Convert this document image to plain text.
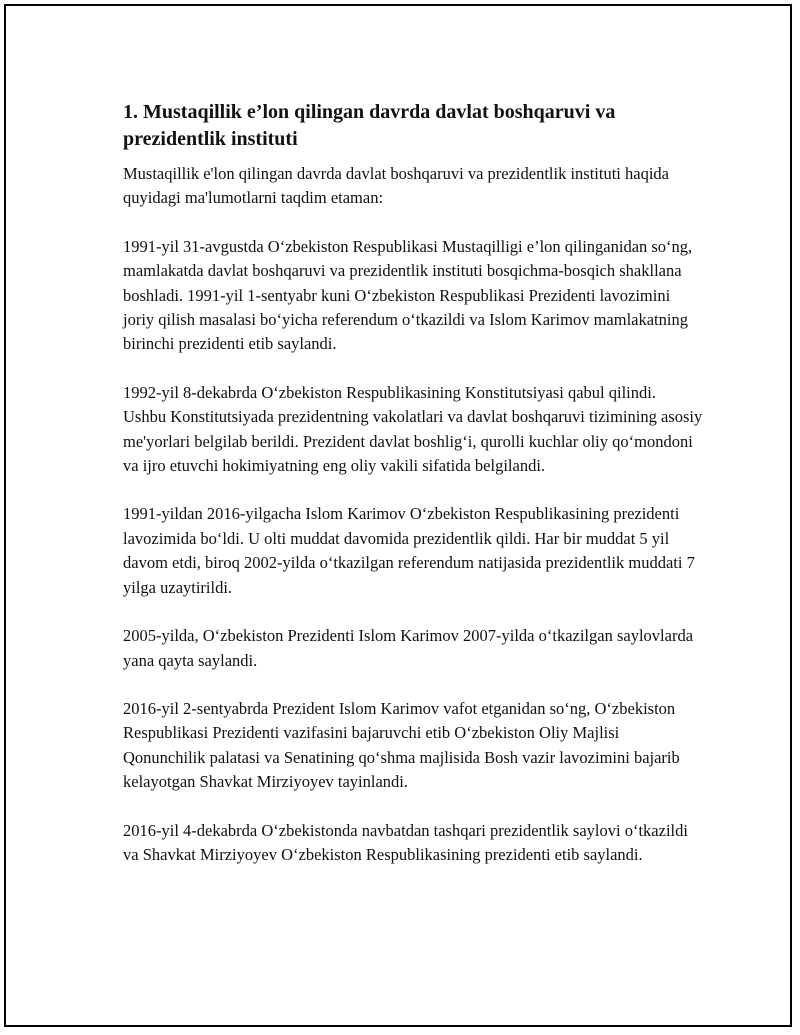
1. Mustaqillik e’lon qilingan davrda davlat boshqaruvi va prezidentlik instituti

Mustaqillik e'lon qilingan davrda davlat boshqaruvi va prezidentlik instituti haqida quyidagi ma'lumotlarni taqdim etaman:

1991-yil 31-avgustda O‘zbekiston Respublikasi Mustaqilligi e’lon qilinganidan so‘ng, mamlakatda davlat boshqaruvi va prezidentlik instituti bosqichma-bosqich shakllana boshladi. 1991-yil 1-sentyabr kuni O‘zbekiston Respublikasi Prezidenti lavozimini joriy qilish masalasi bo‘yicha referendum o‘tkazildi va Islom Karimov mamlakatning birinchi prezidenti etib saylandi.

1992-yil 8-dekabrda O‘zbekiston Respublikasining Konstitutsiyasi qabul qilindi. Ushbu Konstitutsiyada prezidentning vakolatlari va davlat boshqaruvi tizimining asosiy me'yorlari belgilab berildi. Prezident davlat boshlig‘i, qurolli kuchlar oliy qo‘mondoni va ijro etuvchi hokimiyatning eng oliy vakili sifatida belgilandi.

1991-yildan 2016-yilgacha Islom Karimov O‘zbekiston Respublikasining prezidenti lavozimida bo‘ldi. U olti muddat davomida prezidentlik qildi. Har bir muddat 5 yil davom etdi, biroq 2002-yilda o‘tkazilgan referendum natijasida prezidentlik muddati 7 yilga uzaytirildi.

2005-yilda, O‘zbekiston Prezidenti Islom Karimov 2007-yilda o‘tkazilgan saylovlarda yana qayta saylandi.

2016-yil 2-sentyabrda Prezident Islom Karimov vafot etganidan so‘ng, O‘zbekiston Respublikasi Prezidenti vazifasini bajaruvchi etib O‘zbekiston Oliy Majlisi Qonunchilik palatasi va Senatining qo‘shma majlisida Bosh vazir lavozimini bajarib kelayotgan Shavkat Mirziyoyev tayinlandi.

2016-yil 4-dekabrda O‘zbekistonda navbatdan tashqari prezidentlik saylovi o‘tkazildi va Shavkat Mirziyoyev O‘zbekiston Respublikasining prezidenti etib saylandi.
